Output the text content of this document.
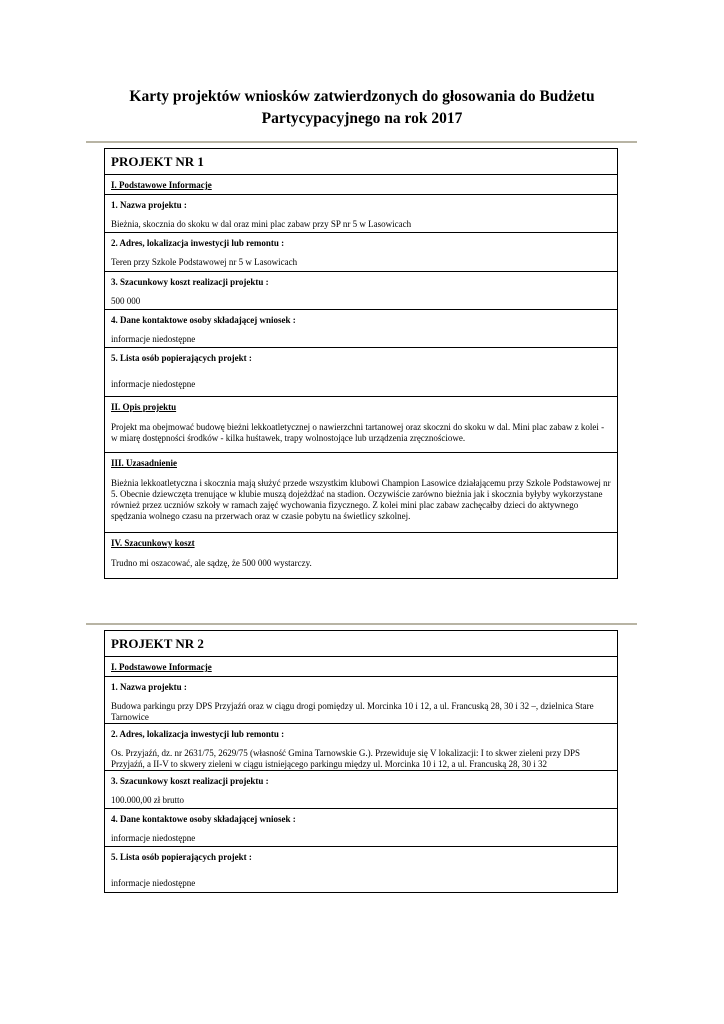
Karty projektów wniosków zatwierdzonych do głosowania do Budżetu
Partycypacyjnego na rok 2017
PROJEKT NR 1
I. Podstawowe Informacje
1. Nazwa projektu :
Bieżnia, skocznia do skoku w dal oraz mini plac zabaw przy SP nr 5 w Lasowicach
2. Adres, lokalizacja inwestycji lub remontu :
Teren przy Szkole Podstawowej nr 5 w Lasowicach
3. Szacunkowy koszt realizacji projektu :
500 000
4. Dane kontaktowe osoby składającej wniosek :
informacje niedostępne
5. Lista osób popierających projekt :
informacje niedostępne
II. Opis projektu
Projekt ma obejmować budowę bieżni lekkoatletycznej o nawierzchni tartanowej oraz skoczni do skoku w dal. Mini plac zabaw z kolei - w miarę dostępności środków - kilka huśtawek, trapy wolnostojące lub urządzenia zręcznościowe.
III. Uzasadnienie
Bieżnia lekkoatletyczna i skocznia mają służyć przede wszystkim klubowi Champion Lasowice działającemu przy Szkole Podstawowej nr 5. Obecnie dziewczęta trenujące w klubie muszą dojeżdżać na stadion. Oczywiście zarówno bieżnia jak i skocznia byłyby wykorzystane również przez uczniów szkoły w ramach zajęć wychowania fizycznego. Z kolei mini plac zabaw zachęcałby dzieci do aktywnego spędzania wolnego czasu na przerwach oraz w czasie pobytu na świetlicy szkolnej.
IV. Szacunkowy koszt
Trudno mi oszacować, ale sądzę, że 500 000 wystarczy.
PROJEKT NR 2
I. Podstawowe Informacje
1. Nazwa projektu :
Budowa parkingu przy DPS Przyjaźń oraz w ciągu drogi pomiędzy ul. Morcinka 10 i 12, a ul. Francuską 28, 30 i 32 –, dzielnica Stare Tarnowice
2. Adres, lokalizacja inwestycji lub remontu :
Os. Przyjaźń, dz. nr 2631/75, 2629/75 (własność Gmina Tarnowskie G.). Przewiduje się V lokalizacji: I to skwer zieleni przy DPS Przyjaźń, a II-V to skwery zieleni w ciągu istniejącego parkingu między ul. Morcinka 10 i 12, a ul. Francuską 28, 30 i 32
3. Szacunkowy koszt realizacji projektu :
100.000,00 zł brutto
4. Dane kontaktowe osoby składającej wniosek :
informacje niedostępne
5. Lista osób popierających projekt :
informacje niedostępne
